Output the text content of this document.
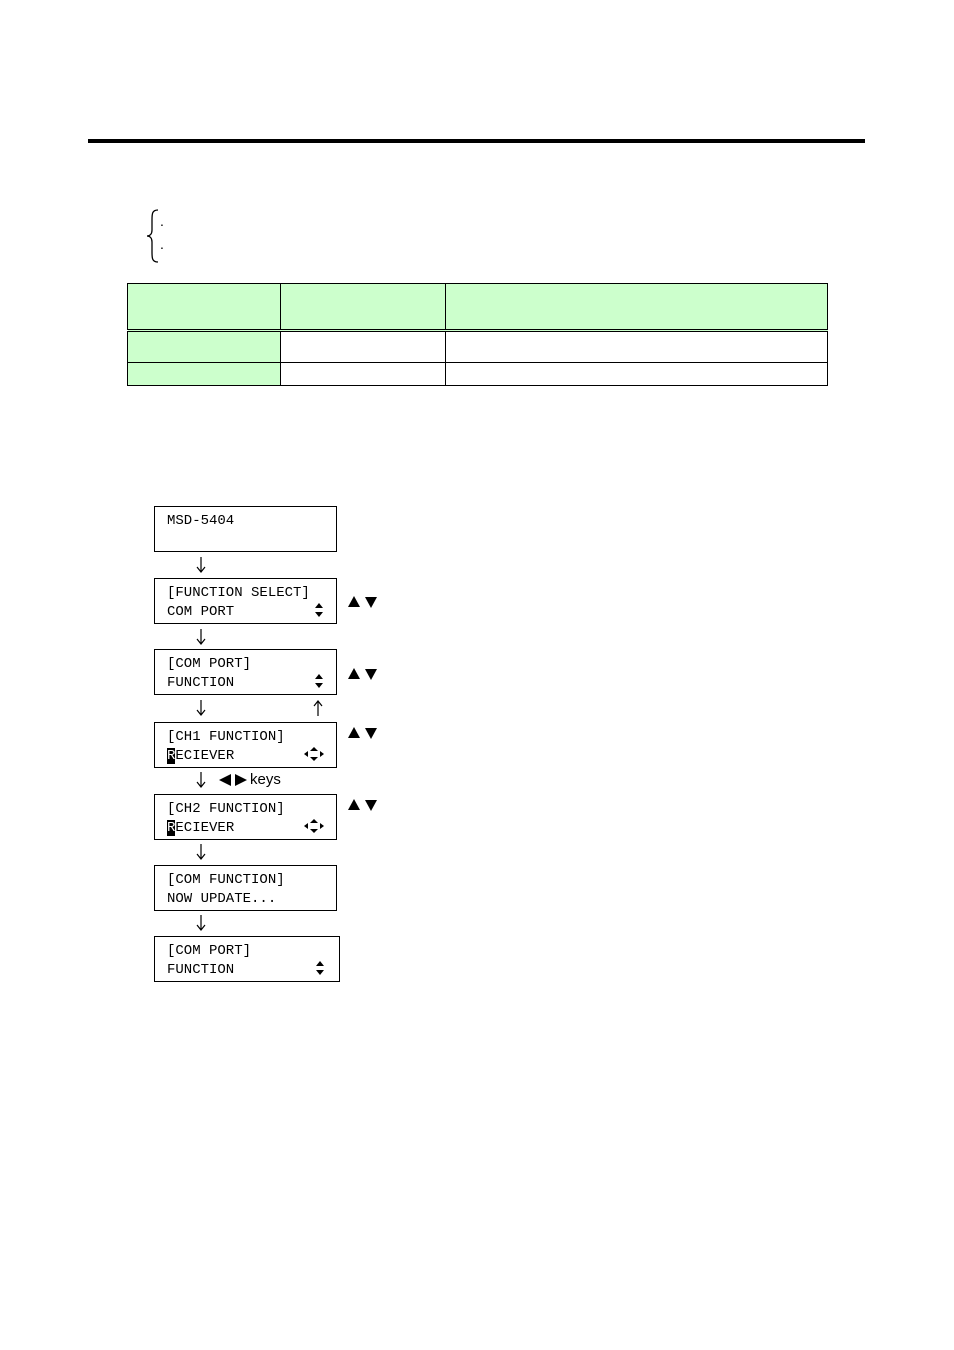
.
.

MSD-5404
[FUNCTION SELECT]
COM PORT
[COM PORT]
FUNCTION
[CH1 FUNCTION]
RECIEVER
keys
[CH2 FUNCTION]
RECIEVER
[COM FUNCTION]
NOW UPDATE...
[COM PORT]
FUNCTION
